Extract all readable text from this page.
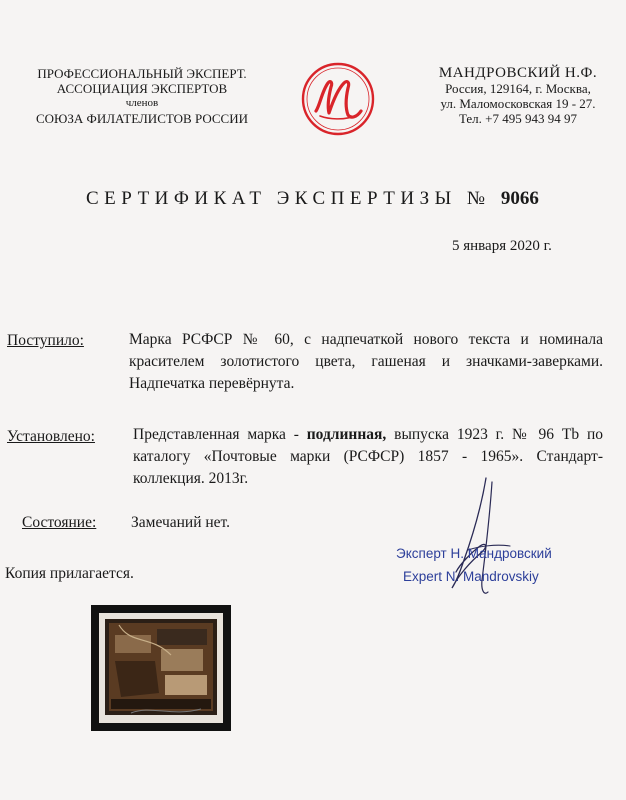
ПРОФЕССИОНАЛЬНЫЙ ЭКСПЕРТ.
АССОЦИАЦИЯ ЭКСПЕРТОВ
членов
СОЮЗА ФИЛАТЕЛИСТОВ РОССИИ
МАНДРОВСКИЙ Н.Ф.
Россия, 129164, г. Москва,
ул. Маломосковская 19 - 27.
Тел. +7 495 943 94 97
СЕРТИФИКАТ ЭКСПЕРТИЗЫ № 9066
5 января 2020 г.
Поступило:	Марка РСФСР № 60, с надпечаткой нового текста и номинала красителем золотистого цвета, гашеная и значками-заверками. Надпечатка перевёрнута.
Установлено: Представленная марка - подлинная, выпуска 1923 г. № 96 Tb по каталогу «Почтовые марки (РСФСР) 1857 - 1965». Стандарт-коллекция. 2013г.
Состояние: Замечаний нет.
Копия прилагается.
Эксперт Н. Мандровский
Expert N. Mandrovskiy
